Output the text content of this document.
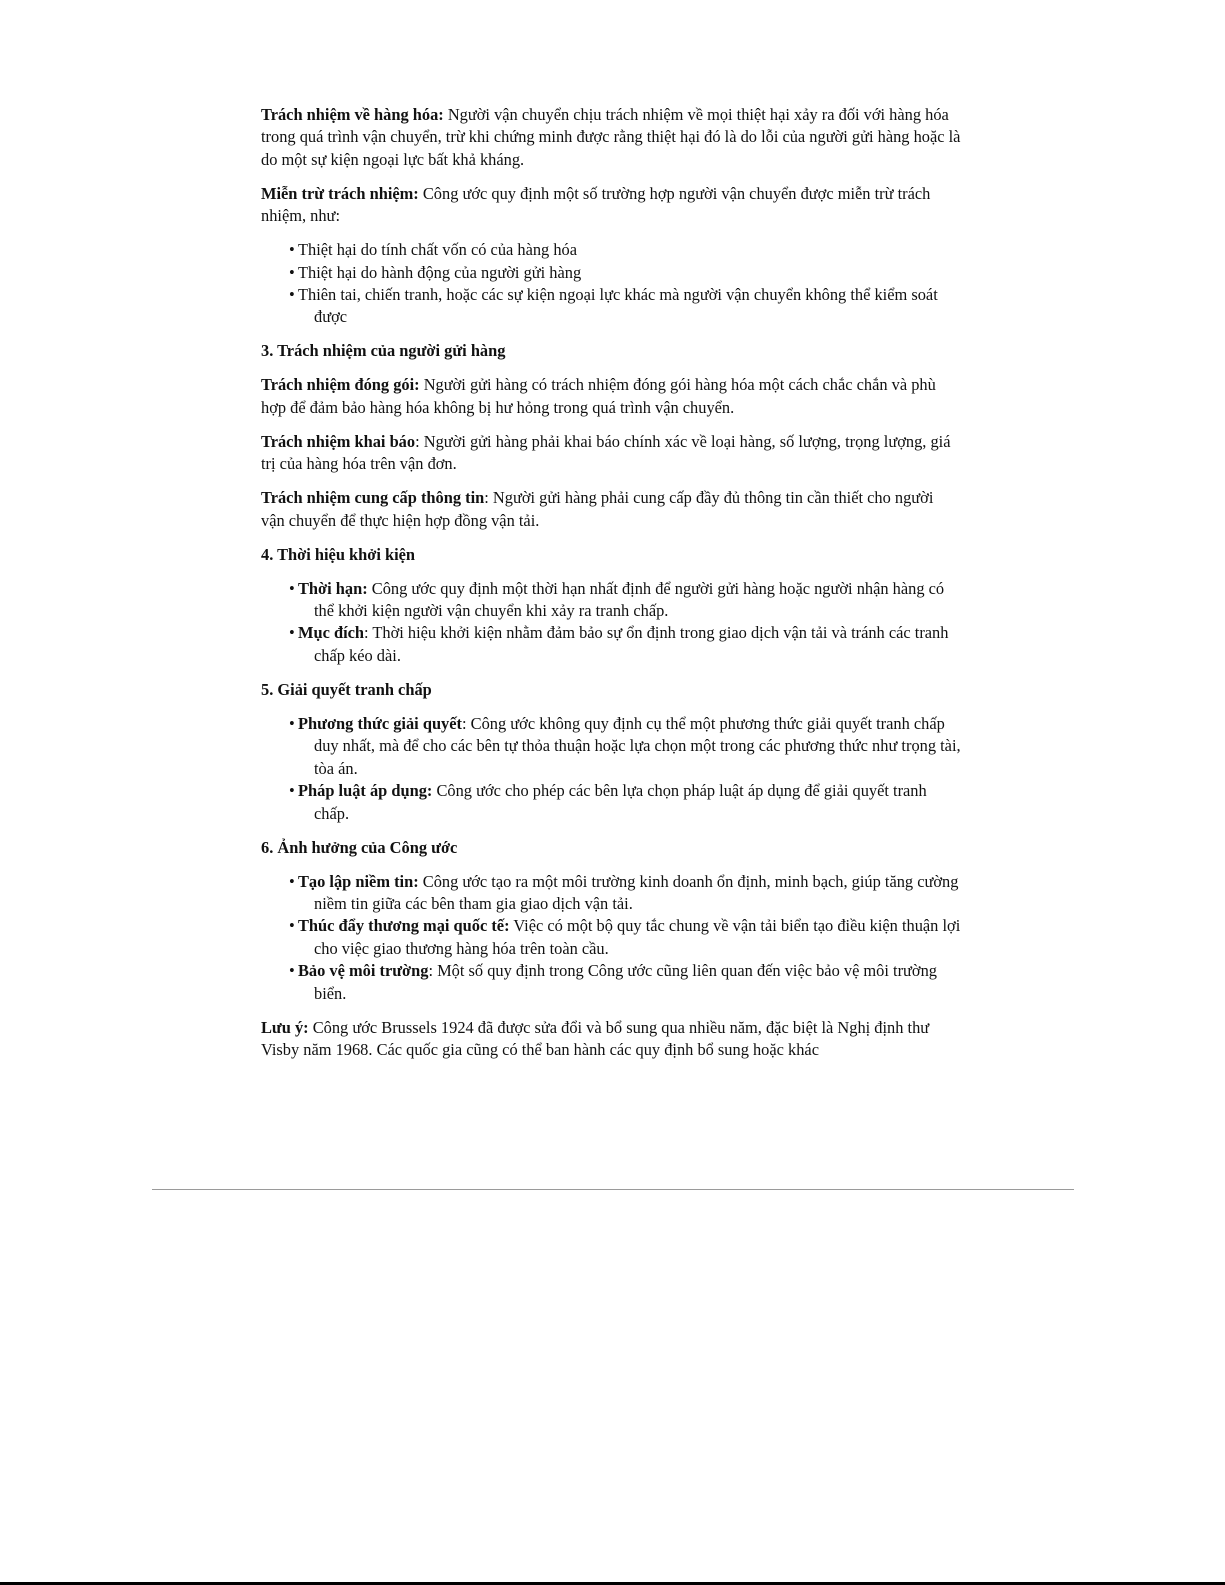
Trách nhiệm về hàng hóa: Người vận chuyển chịu trách nhiệm về mọi thiệt hại xảy ra đối với hàng hóa trong quá trình vận chuyển, trừ khi chứng minh được rằng thiệt hại đó là do lỗi của người gửi hàng hoặc là do một sự kiện ngoại lực bất khả kháng.

Miễn trừ trách nhiệm: Công ước quy định một số trường hợp người vận chuyển được miễn trừ trách nhiệm, như:

• Thiệt hại do tính chất vốn có của hàng hóa
• Thiệt hại do hành động của người gửi hàng
• Thiên tai, chiến tranh, hoặc các sự kiện ngoại lực khác mà người vận chuyển không thể kiểm soát được

3. Trách nhiệm của người gửi hàng

Trách nhiệm đóng gói: Người gửi hàng có trách nhiệm đóng gói hàng hóa một cách chắc chắn và phù hợp để đảm bảo hàng hóa không bị hư hỏng trong quá trình vận chuyển.

Trách nhiệm khai báo: Người gửi hàng phải khai báo chính xác về loại hàng, số lượng, trọng lượng, giá trị của hàng hóa trên vận đơn.

Trách nhiệm cung cấp thông tin: Người gửi hàng phải cung cấp đầy đủ thông tin cần thiết cho người vận chuyển để thực hiện hợp đồng vận tải.

4. Thời hiệu khởi kiện

• Thời hạn: Công ước quy định một thời hạn nhất định để người gửi hàng hoặc người nhận hàng có thể khởi kiện người vận chuyển khi xảy ra tranh chấp.
• Mục đích: Thời hiệu khởi kiện nhằm đảm bảo sự ổn định trong giao dịch vận tải và tránh các tranh chấp kéo dài.

5. Giải quyết tranh chấp

• Phương thức giải quyết: Công ước không quy định cụ thể một phương thức giải quyết tranh chấp duy nhất, mà để cho các bên tự thỏa thuận hoặc lựa chọn một trong các phương thức như trọng tài, tòa án.
• Pháp luật áp dụng: Công ước cho phép các bên lựa chọn pháp luật áp dụng để giải quyết tranh chấp.

6. Ảnh hưởng của Công ước

• Tạo lập niềm tin: Công ước tạo ra một môi trường kinh doanh ổn định, minh bạch, giúp tăng cường niềm tin giữa các bên tham gia giao dịch vận tải.
• Thúc đẩy thương mại quốc tế: Việc có một bộ quy tắc chung về vận tải biển tạo điều kiện thuận lợi cho việc giao thương hàng hóa trên toàn cầu.
• Bảo vệ môi trường: Một số quy định trong Công ước cũng liên quan đến việc bảo vệ môi trường biển.

Lưu ý: Công ước Brussels 1924 đã được sửa đổi và bổ sung qua nhiều năm, đặc biệt là Nghị định thư Visby năm 1968. Các quốc gia cũng có thể ban hành các quy định bổ sung hoặc khác
